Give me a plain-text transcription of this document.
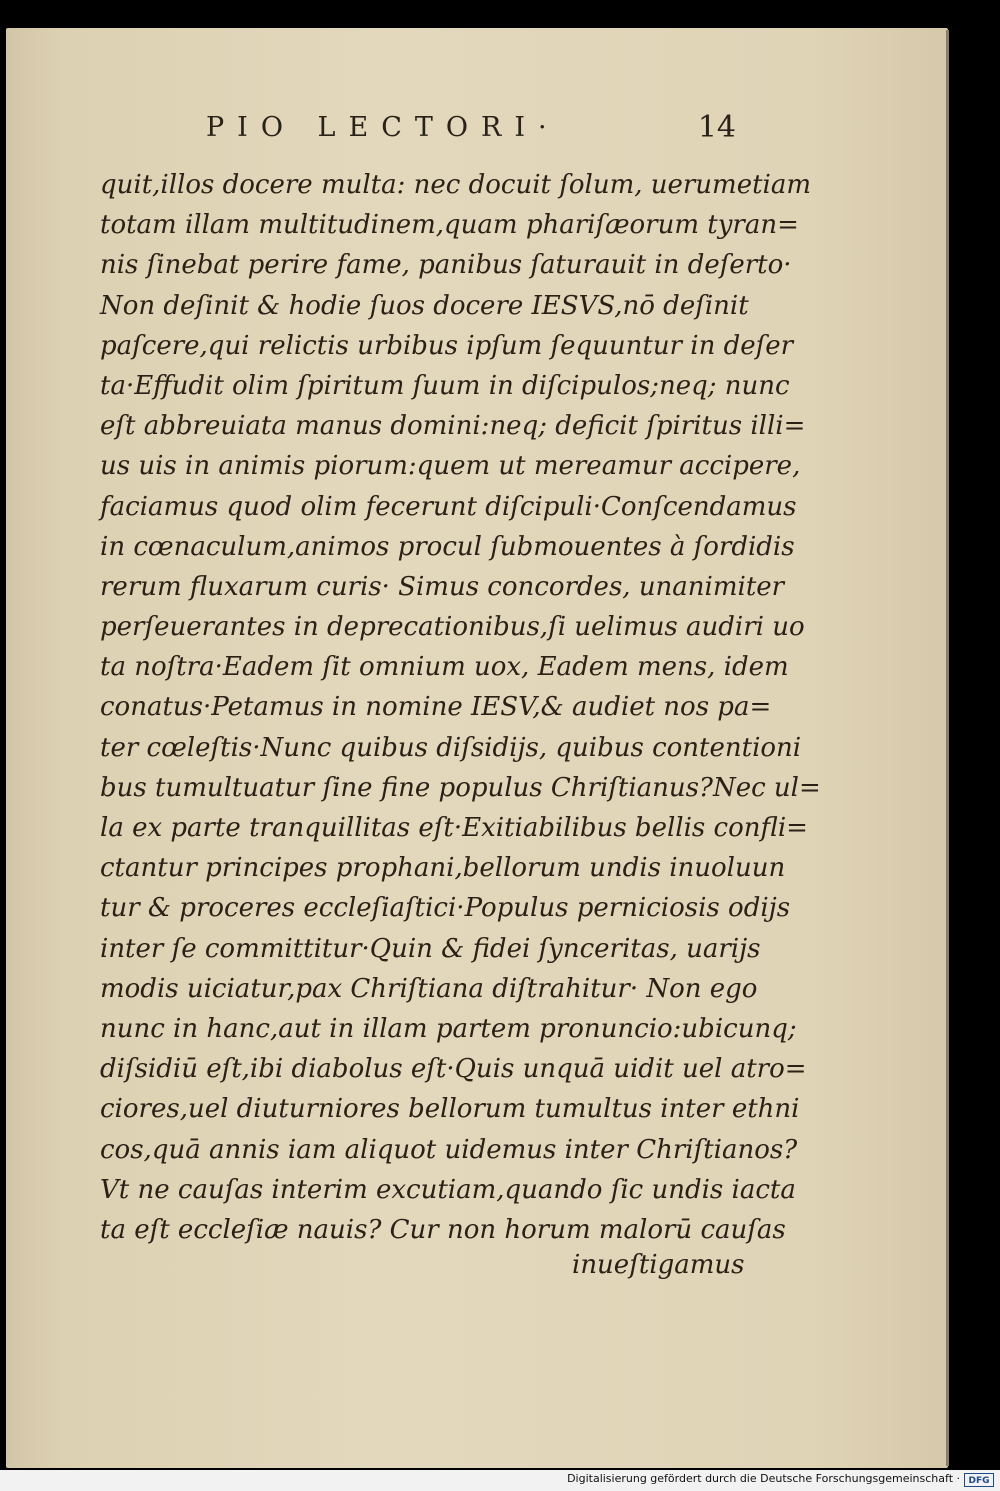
PIO LECTORI·	14
quit,illos docere multa: nec docuit ſolum, uerumetiam
totam illam multitudinem,quam phariſæorum tyran=
nis ſinebat perire fame, panibus ſaturauit in deſerto·
Non deſinit & hodie ſuos docere IESVS,nō deſinit
paſcere,qui relictis urbibus ipſum ſequuntur in deſer
ta·Effudit olim ſpiritum ſuum in diſcipulos;neq; nunc
eſt abbreuiata manus domini:neq; deficit ſpiritus illi=
us uis in animis piorum:quem ut mereamur accipere,
faciamus quod olim fecerunt diſcipuli·Conſcendamus
in cœnaculum,animos procul ſubmouentes à ſordidis
rerum fluxarum curis· Simus concordes, unanimiter
perſeuerantes in deprecationibus,ſi uelimus audiri uo
ta noſtra·Eadem ſit omnium uox, Eadem mens, idem
conatus·Petamus in nomine IESV,& audiet nos pa=
ter cœleſtis·Nunc quibus diſsidijs, quibus contentioni
bus tumultuatur ſine fine populus Chriſtianus?Nec ul=
la ex parte tranquillitas eſt·Exitiabilibus bellis confli=
ctantur principes prophani,bellorum undis inuoluun
tur & proceres eccleſiaſtici·Populus perniciosis odijs
inter ſe committitur·Quin & fidei ſynceritas, uarijs
modis uiciatur,pax Chriſtiana diſtrahitur· Non ego
nunc in hanc,aut in illam partem pronuncio:ubicunq;
diſsidiū eſt,ibi diabolus eſt·Quis unquā uidit uel atro=
ciores,uel diuturniores bellorum tumultus inter ethni
cos,quā annis iam aliquot uidemus inter Chriſtianos?
Vt ne cauſas interim excutiam,quando ſic undis iacta
ta eſt eccleſiæ nauis? Cur non horum malorū cauſas
inueſtigamus
Digitalisierung gefördert durch die Deutsche Forschungsgemeinschaft · DFG
